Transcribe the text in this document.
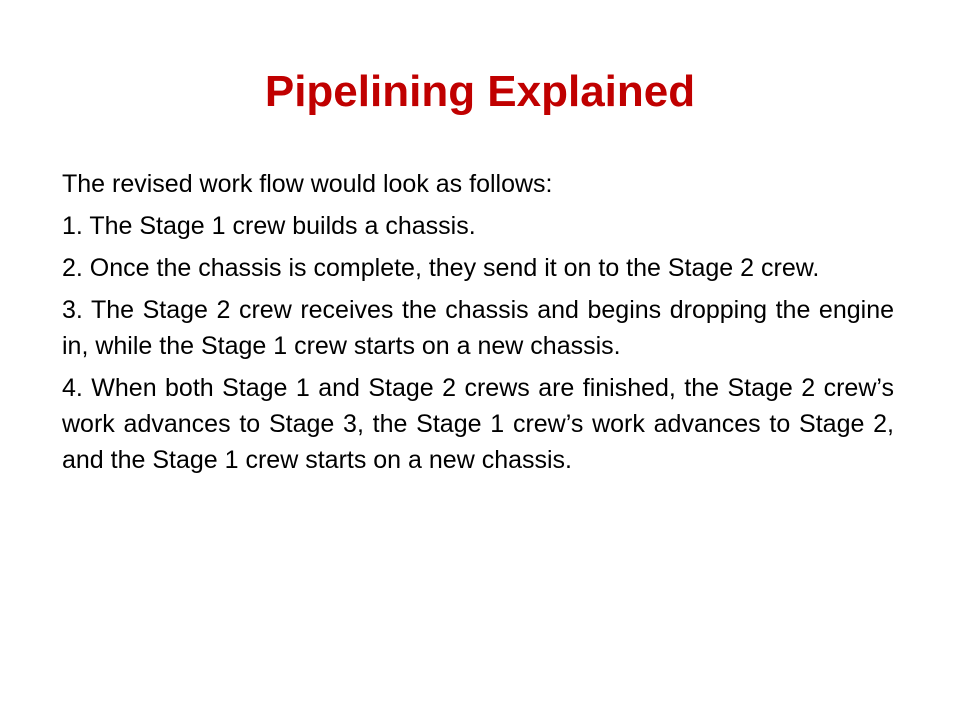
Pipelining Explained

The revised work flow would look as follows:

1. The Stage 1 crew builds a chassis.

2. Once the chassis is complete, they send it on to the Stage 2 crew.

3. The Stage 2 crew receives the chassis and begins dropping the engine in, while the Stage 1 crew starts on a new chassis.

4. When both Stage 1 and Stage 2 crews are finished, the Stage 2 crew’s work advances to Stage 3, the Stage 1 crew’s work advances to Stage 2, and the Stage 1 crew starts on a new chassis.
